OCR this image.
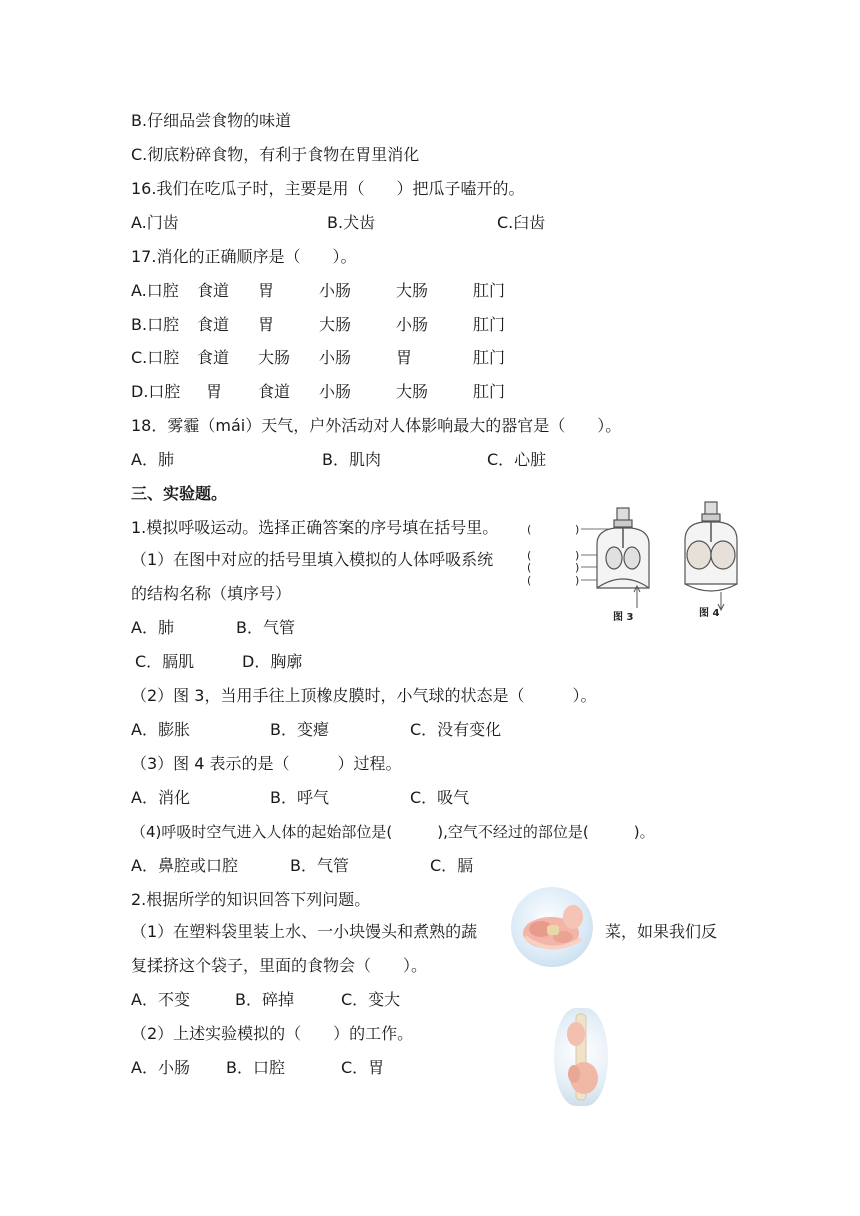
B.仔细品尝食物的味道
C.彻底粉碎食物，有利于食物在胃里消化
16.我们在吃瓜子时，主要是用（　　）把瓜子嗑开的。
A.门齿	B.犬齿	C.臼齿
17.消化的正确顺序是（　　）。
A.口腔 食道 胃	小肠	大肠	肛门
B.口腔 食道 胃	大肠	小肠	肛门
C.口腔 食道 大肠 小肠	胃	肛门
D.口腔 胃 食道 小肠	大肠	肛门
18．雾霾（mái）天气，户外活动对人体影响最大的器官是（　　）。
A．肺	B．肌肉	C．心脏
三、实验题。
1.模拟呼吸运动。选择正确答案的序号填在括号里。
（1）在图中对应的括号里填入模拟的人体呼吸系统
的结构名称（填序号）
A．肺	B．气管
C．膈肌	D．胸廓
（2）图 3，当用手往上顶橡皮膜时，小气球的状态是（　　　）。
A．膨胀	B．变瘪	C．没有变化
（3）图 4 表示的是（　　　）过程。
A．消化	B．呼气	C．吸气
（4)呼吸时空气进入人体的起始部位是(　　　),空气不经过的部位是(　　　)。
A．鼻腔或口腔	B．气管	C．膈
2.根据所学的知识回答下列问题。
（1）在塑料袋里装上水、一小块馒头和煮熟的蔬	菜，如果我们反
复揉挤这个袋子，里面的食物会（　　）。
A．不变	B．碎掉	C．变大
（2）上述实验模拟的（　　）的工作。
A．小肠 B．口腔	C．胃
(	)
(	)
(	)
(	)
图 3	图 4
